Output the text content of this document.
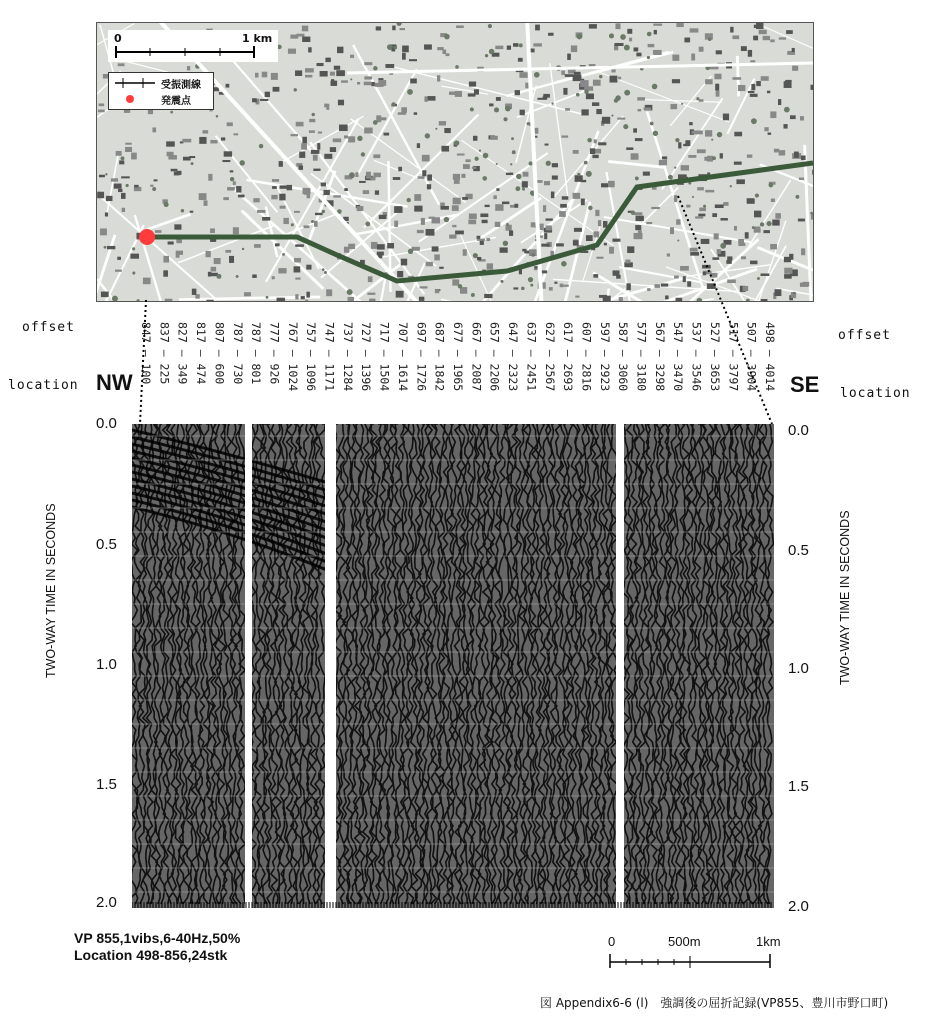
0	1 km
受振測線
発震点
offset
location NW
offset
location
SE
847 — 100 837 — 225 827 — 349 817 — 474 807 — 600 787 — 730 787 — 801 777 — 926 767 — 1024 757 — 1096 747 — 1171 737 — 1284 727 — 1396 717 — 1504 707 — 1614 697 — 1726 687 — 1842 677 — 1965 667 — 2087 657 — 2206 647 — 2323 637 — 2451 627 — 2567 617 — 2693 607 — 2816 597 — 2923 587 — 3060 577 — 3180 567 — 3298 547 — 3470 537 — 3546 527 — 3653 517 — 3797 507 — 3904 498 — 4014
0.0
0.5
1.0
1.5
2.0
0.0
0.5
1.0
1.5
2.0
TWO-WAY TIME IN SECONDS	TWO-WAY TIME IN SECONDS
VP 855,1vibs,6-40Hz,50%
Location 498-856,24stk
0	500m	1km
図 Appendix6-6 (l)　強調後の屈折記録(VP855、豊川市野口町)
